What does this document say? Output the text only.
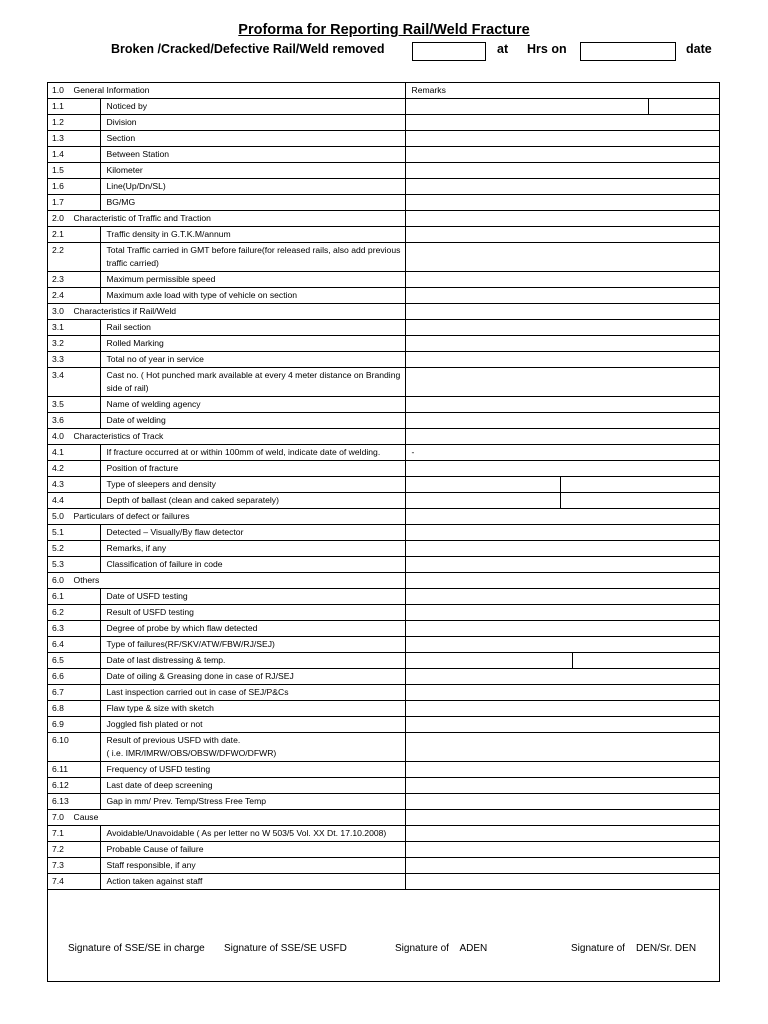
Proforma for Reporting Rail/Weld Fracture
Broken /Cracked/Defective Rail/Weld removed	at Hrs on	date
1.0 General Information		Remarks
1.1	Noticed by	

1.2	Division	
1.3	Section	
1.4	Between Station	
1.5	Kilometer	
1.6	Line(Up/Dn/SL)	
1.7	BG/MG	
2.0 Characteristic of Traffic and Traction		
2.1	Traffic density in G.T.K.M/annum	
2.2	Total Traffic carried in GMT before failure(for released rails, also add previous traffic carried)	
2.3	Maximum permissible speed	
2.4	Maximum axle load with type of vehicle on section	
3.0 Characteristics if Rail/Weld		
3.1	Rail section	
3.2	Rolled Marking	
3.3	Total no of year in service	
3.4	Cast no. ( Hot punched mark available at every 4 meter distance on Branding side of rail)	
3.5	Name of welding agency	
3.6	Date of welding	
4.0 Characteristics of Track		
4.1	If fracture occurred at or within 100mm of weld, indicate date of welding.	-
4.2	Position of fracture	
4.3	Type of sleepers and density	

4.4	Depth of ballast (clean and caked separately)	

5.0 Particulars of defect or failures		
5.1	Detected – Visually/By flaw detector	
5.2	Remarks, if any	
5.3	Classification of failure in code	
6.0 Others		
6.1	Date of USFD testing	
6.2	Result of USFD testing	
6.3	Degree of probe by which flaw detected	
6.4	Type of failures(RF/SKV/ATW/FBW/RJ/SEJ)	
6.5	Date of last distressing & temp.	

6.6	Date of oiling & Greasing done in case of RJ/SEJ	
6.7	Last inspection carried out in case of SEJ/P&Cs	
6.8	Flaw type & size with sketch	
6.9	Joggled fish plated or not	
6.10	Result of previous USFD with date.
( i.e. IMR/IMRW/OBS/OBSW/DFWO/DFWR)	
6.11	Frequency of USFD testing	
6.12	Last date of deep screening	
6.13	Gap in mm/ Prev. Temp/Stress Free Temp	
7.0 Cause		
7.1	Avoidable/Unavoidable ( As per letter no W 503/5 Vol. XX Dt. 17.10.2008)	
7.2	Probable Cause of failure	
7.3	Staff responsible, if any	
7.4	Action taken against staff	
Signature of SSE/SE in charge Signature of SSE/SE USFD	Signature of    ADEN	Signature of    DEN/Sr. DEN
